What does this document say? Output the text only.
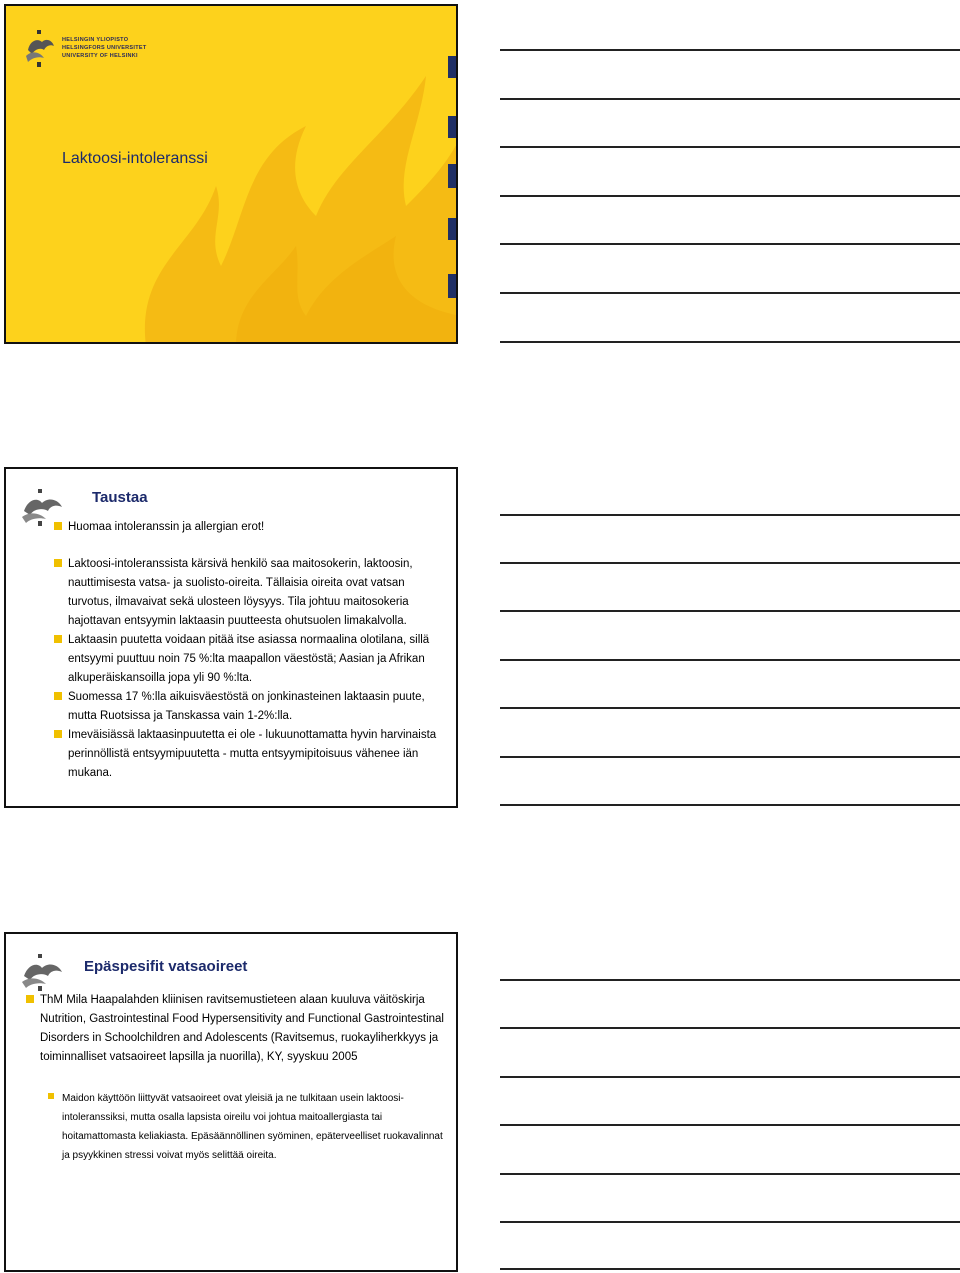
HELSINGIN YLIOPISTO
HELSINGFORS UNIVERSITET
UNIVERSITY OF HELSINKI
Laktoosi-intoleranssi
Taustaa
Huomaa intoleranssin ja allergian erot!
Laktoosi-intoleranssista kärsivä henkilö saa maitosokerin, laktoosin, nauttimisesta vatsa- ja suolisto-oireita. Tällaisia oireita ovat vatsan turvotus, ilmavaivat sekä ulosteen löysyys. Tila johtuu maitosokeria hajottavan entsyymin laktaasin puutteesta ohutsuolen limakalvolla.
Laktaasin puutetta voidaan pitää itse asiassa normaalina olotilana, sillä entsyymi puuttuu noin 75 %:lta maapallon väestöstä; Aasian ja Afrikan alkuperäiskansoilla jopa yli 90 %:lta.
Suomessa 17 %:lla aikuisväestöstä on jonkinasteinen laktaasin puute, mutta Ruotsissa ja Tanskassa vain 1-2%:lla.
Imeväisiässä laktaasinpuutetta ei ole - lukuunottamatta hyvin harvinaista perinnöllistä entsyymipuutetta - mutta entsyymipitoisuus vähenee iän mukana.
Epäspesifit vatsaoireet
ThM Mila Haapalahden kliinisen ravitsemustieteen alaan kuuluva väitöskirja Nutrition, Gastrointestinal Food Hypersensitivity and Functional Gastrointestinal Disorders in Schoolchildren and Adolescents (Ravitsemus, ruokayliherkkyys ja toiminnalliset vatsaoireet lapsilla ja nuorilla), KY, syyskuu 2005
Maidon käyttöön liittyvät vatsaoireet ovat yleisiä ja ne tulkitaan usein laktoosi-intoleranssiksi, mutta osalla lapsista oireilu voi johtua maitoallergiasta tai hoitamattomasta keliakiasta. Epäsäännöllinen syöminen, epäterveelliset ruokavalinnat ja psyykkinen stressi voivat myös selittää oireita.
